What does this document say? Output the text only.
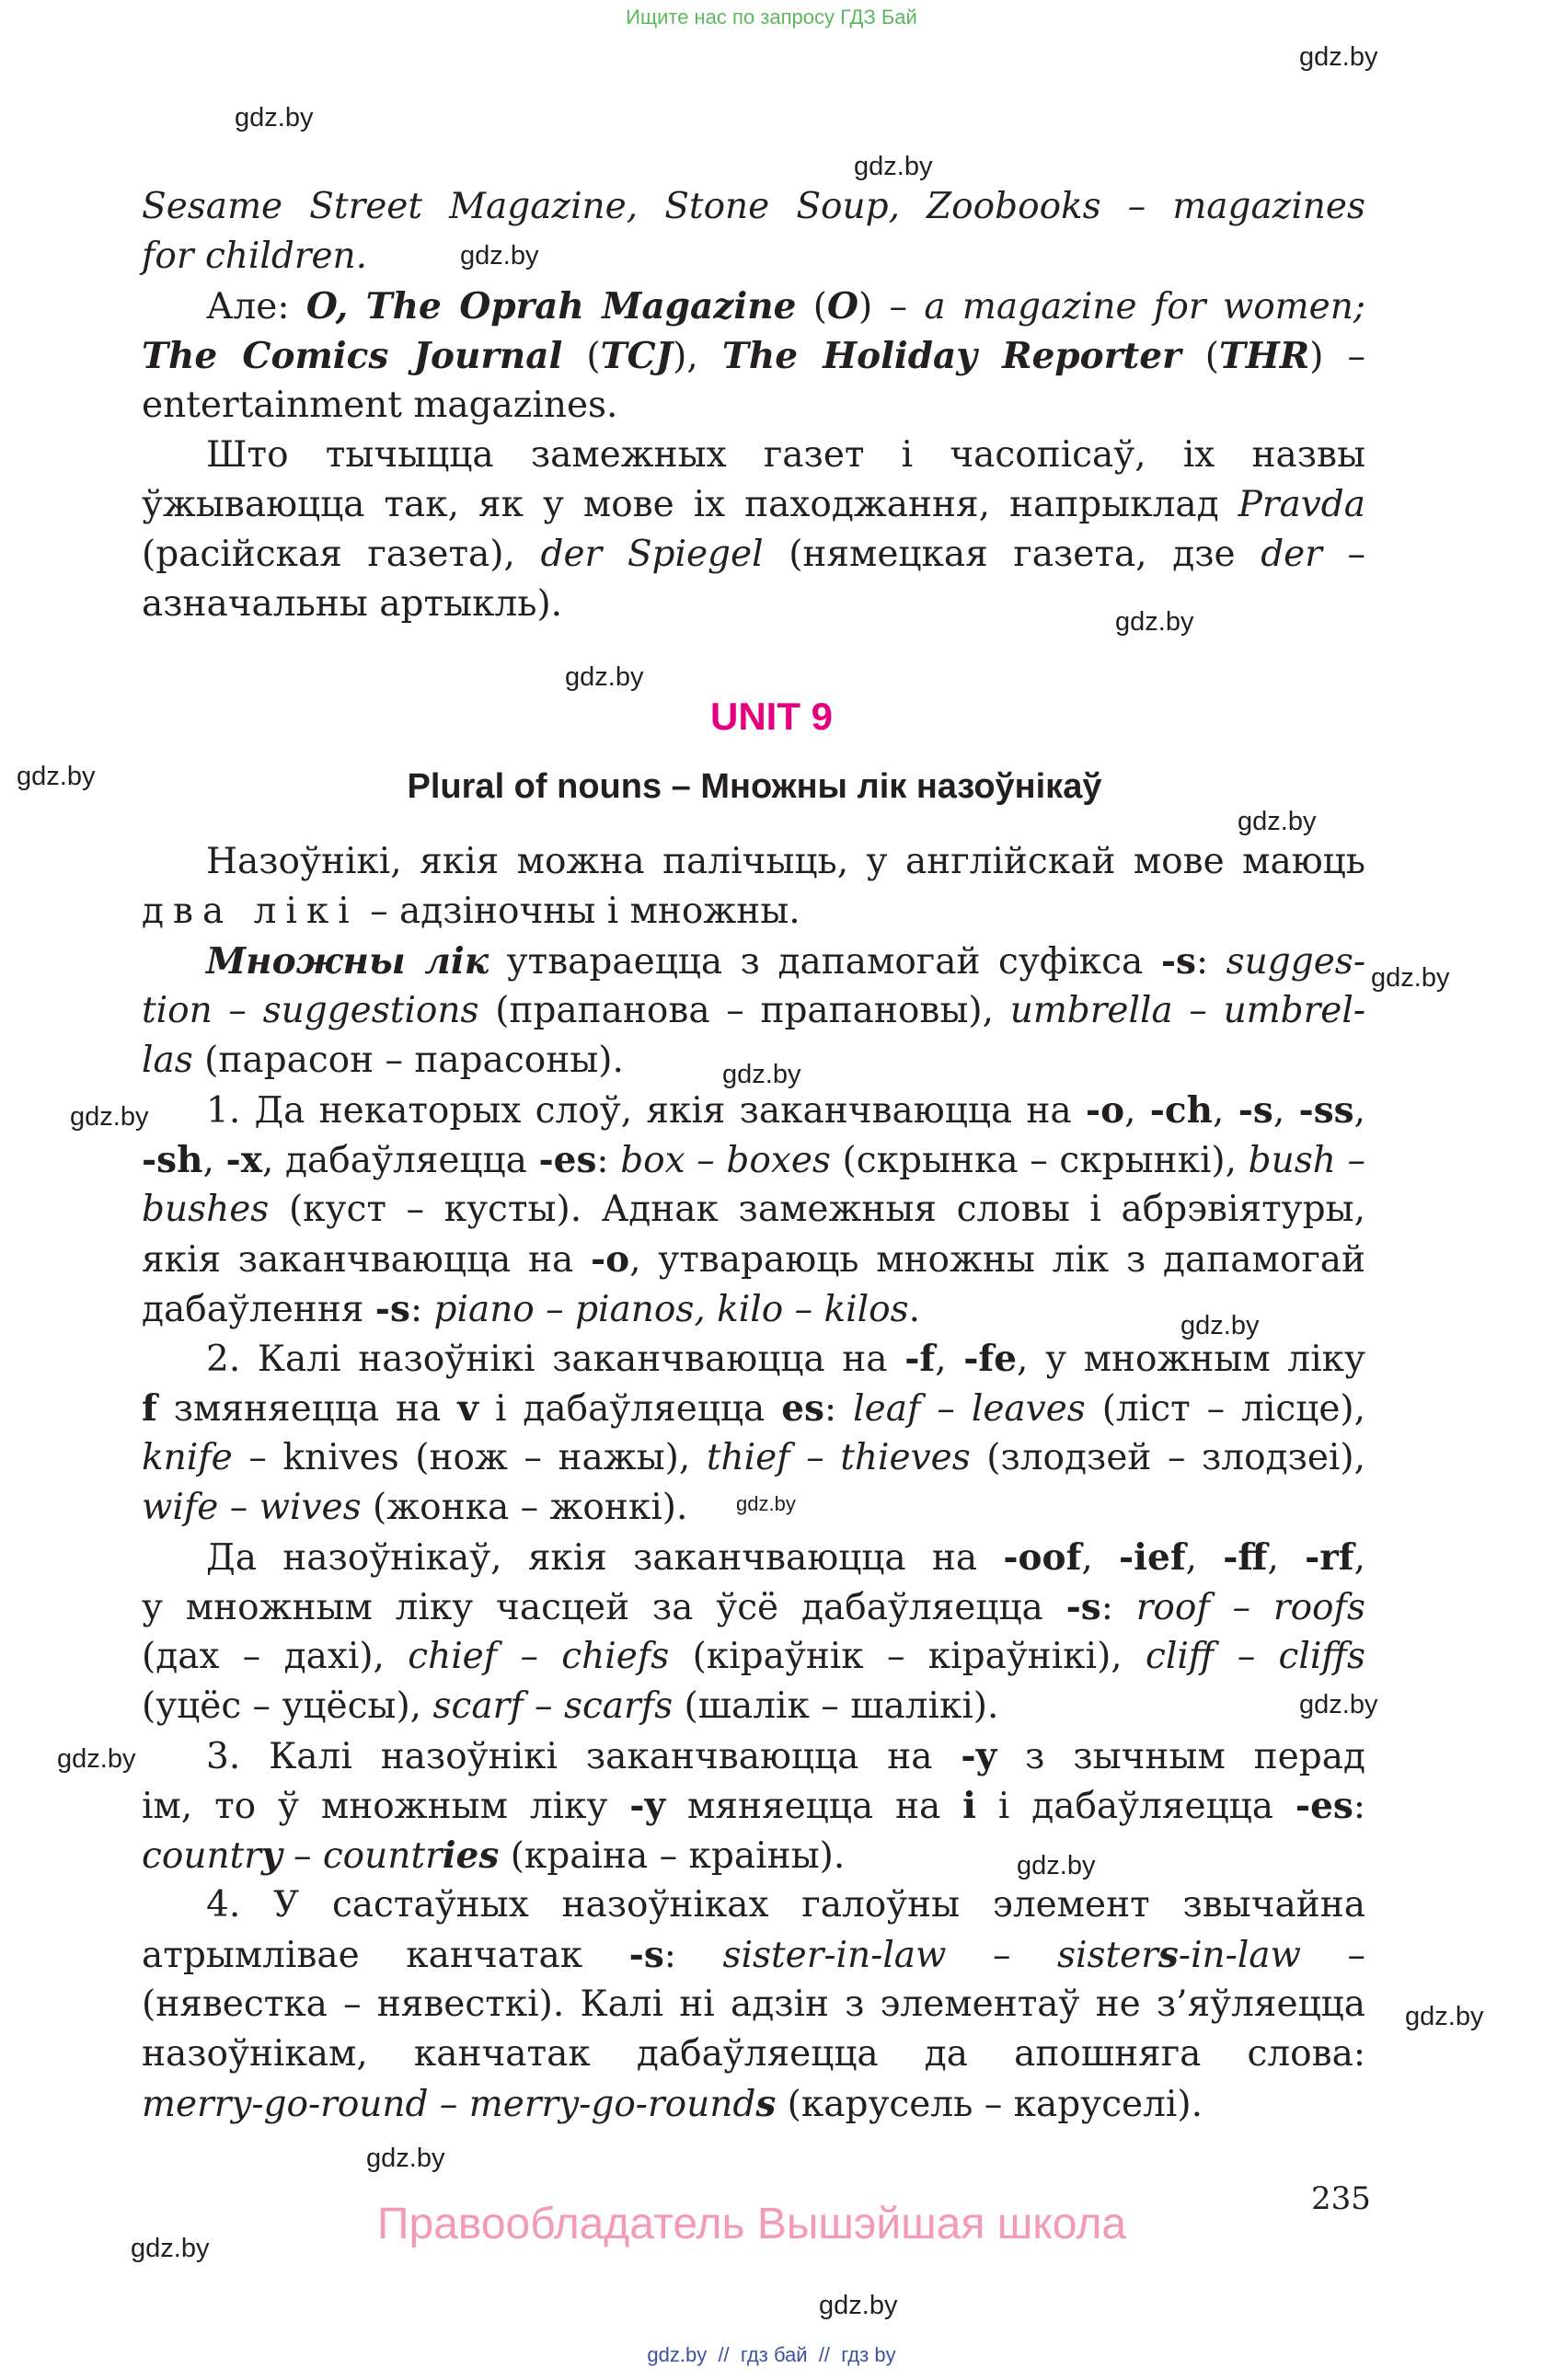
Ищите нас по запросу ГДЗ Бай
gdz.by
gdz.by
gdz.by
gdz.by
gdz.by
gdz.by
gdz.by
gdz.by
gdz.by
gdz.by
gdz.by
gdz.by
gdz.by
gdz.by
gdz.by
gdz.by
gdz.by
gdz.by
gdz.by
gdz.by
Sesame Street Magazine, Stone Soup, Zoobooks – magazines
for children.
Але: O, The Oprah Magazine (O) – a magazine for women;
The Comics Journal (TCJ), The Holiday Reporter (THR) –
entertainment magazines.
Што тычыцца замежных газет і часопісаў, іх назвы
ўжываюцца так, як у мове іх паходжання, напрыклад Pravda
(расійская газета), der Spiegel (нямецкая газета, дзе der –
азначальны артыкль).
UNIT 9
Plural of nouns – Множны лік назоўнікаў
Назоўнікі, якія можна палічыць, у англійскай мове маюць
два лікі – адзіночны і множны.
Множны лік утвараецца з дапамогай суфікса -s: sugges-
tion – suggestions (прапанова – прапановы), umbrella – umbrel-
las (парасон – парасоны).
1. Да некаторых слоў, якія заканчваюцца на -o, -ch, -s, -ss,
-sh, -x, дабаўляецца -es: box – boxes (скрынка – скрынкі), bush –
bushes (куст – кусты). Аднак замежныя словы і абрэвіятуры,
якія заканчваюцца на -o, утвараюць множны лік з дапамогай
дабаўлення -s: piano – pianos, kilo – kilos.
2. Калі назоўнікі заканчваюцца на -f, -fe, у множным ліку
f змяняецца на v і дабаўляецца es: leaf – leaves (ліст – лісце),
knife – knives (нож – нажы), thief – thieves (злодзей – злодзеі),
wife – wives (жонка – жонкі).
Да назоўнікаў, якія заканчваюцца на -oof, -ief, -ff, -rf,
у множным ліку часцей за ўсё дабаўляецца -s: roof – roofs
(дах – дахі), chief – chiefs (кіраўнік – кіраўнікі), cliff – cliffs
(уцёс – уцёсы), scarf – scarfs (шалік – шалікі).
3. Калі назоўнікі заканчваюцца на -y з зычным перад
ім, то ў множным ліку -y мяняецца на i і дабаўляецца -es:
country – countries (краіна – краіны).
4. У састаўных назоўніках галоўны элемент звычайна
атрымлівае канчатак -s: sister-in-law – sisters-in-law –
(нявестка – нявесткі). Калі ні адзін з элементаў не з’яўляецца
назоўнікам, канчатак дабаўляецца да апошняга слова:
merry-go-round – merry-go-rounds (карусель – каруселі).
235
Правообладатель Вышэйшая школа
gdz.by  //  гдз бай  //  гдз by
